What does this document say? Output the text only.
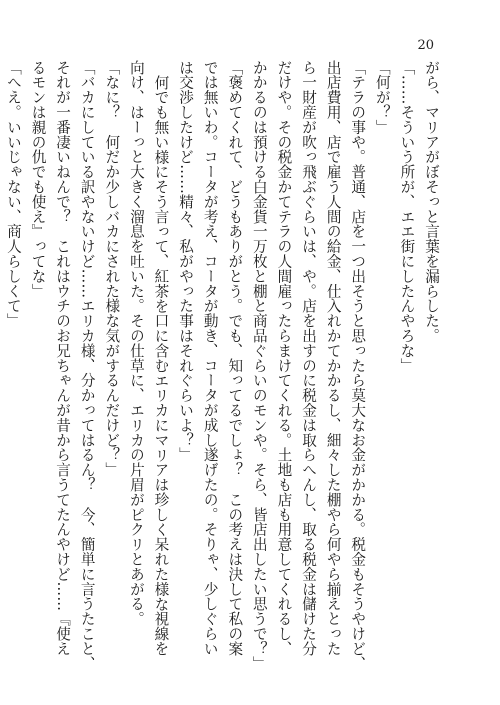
20
がら、マリアがぼそっと言葉を漏らした。
「……そういう所が、エエ街にしたんやろな」
「何が？」
「テラの事や。普通、店を一つ出そうと思ったら莫大なお金がかかる。税金もそうやけど、
出店費用、店で雇う人間の給金、仕入れかてかかるし、細々した棚やら何やら揃えとった
ら一財産が吹っ飛ぶぐらいは、や。店を出すのに税金は取らへんし、取る税金は儲けた分
だけや。その税金かてテラの人間雇ったらまけてくれる。土地も店も用意してくれるし、
かかるのは預ける白金貨一万枚と棚と商品ぐらいのモンや。そら、皆店出したい思うで？」
「褒めてくれて、どうもありがとう。でも、知ってるでしょ？　この考えは決して私の案
では無いわ。コータが考え、コータが動き、コータが成し遂げたの。そりゃ、少しぐらい
は交渉したけど……精々、私がやった事はそれぐらいよ？」
何でも無い様にそう言って、紅茶を口に含むエリカにマリアは珍しく呆れた様な視線を
向け、はーっと大きく溜息を吐いた。その仕草に、エリカの片眉がピクリとあがる。
「なに？　何だか少しバカにされた様な気がするんだけど？」
「バカにしている訳やないけど……エリカ様、分かってはるん？　今、簡単に言うたこと、
それが一番凄いねんで？　これはウチのお兄ちゃんが昔から言うてたんやけど……『使え
るモンは親の仇でも使え』ってな」
「へえ。いいじゃない、商人らしくて」
